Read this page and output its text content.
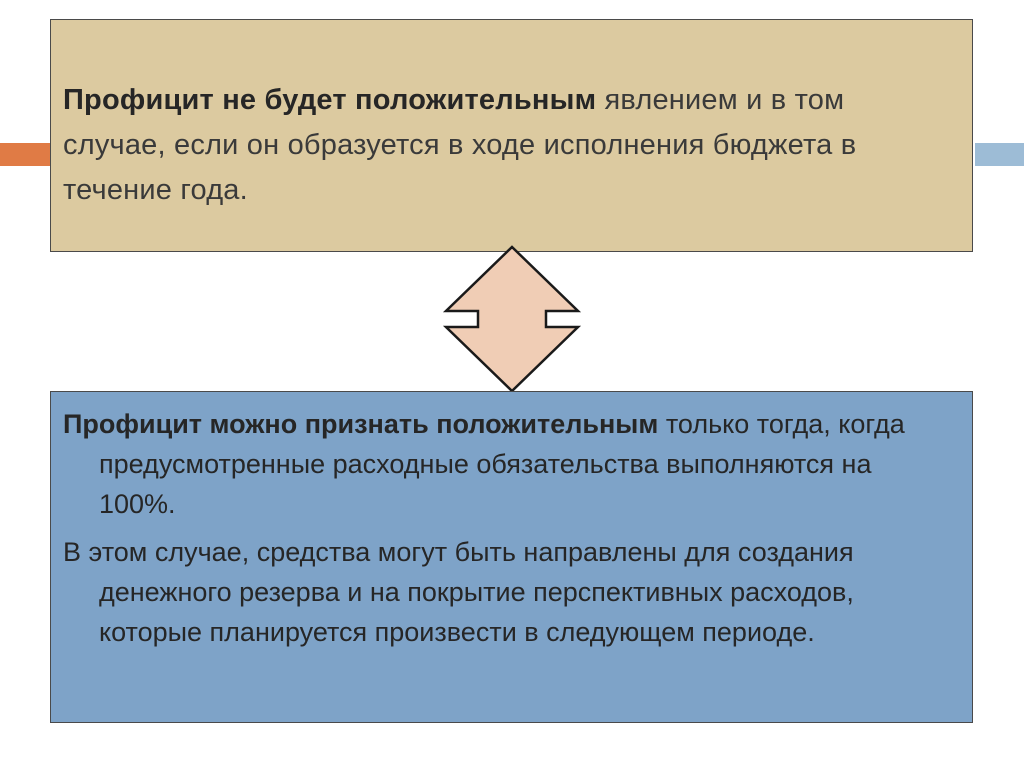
Профицит не будет положительным явлением и в том случае, если он образуется в ходе исполнения бюджета в течение года.

Профицит можно признать положительным только тогда, когда предусмотренные расходные обязательства выполняются на 100%.

В этом случае, средства могут быть направлены для создания денежного резерва и на покрытие перспективных расходов, которые планируется произвести в следующем периоде.
